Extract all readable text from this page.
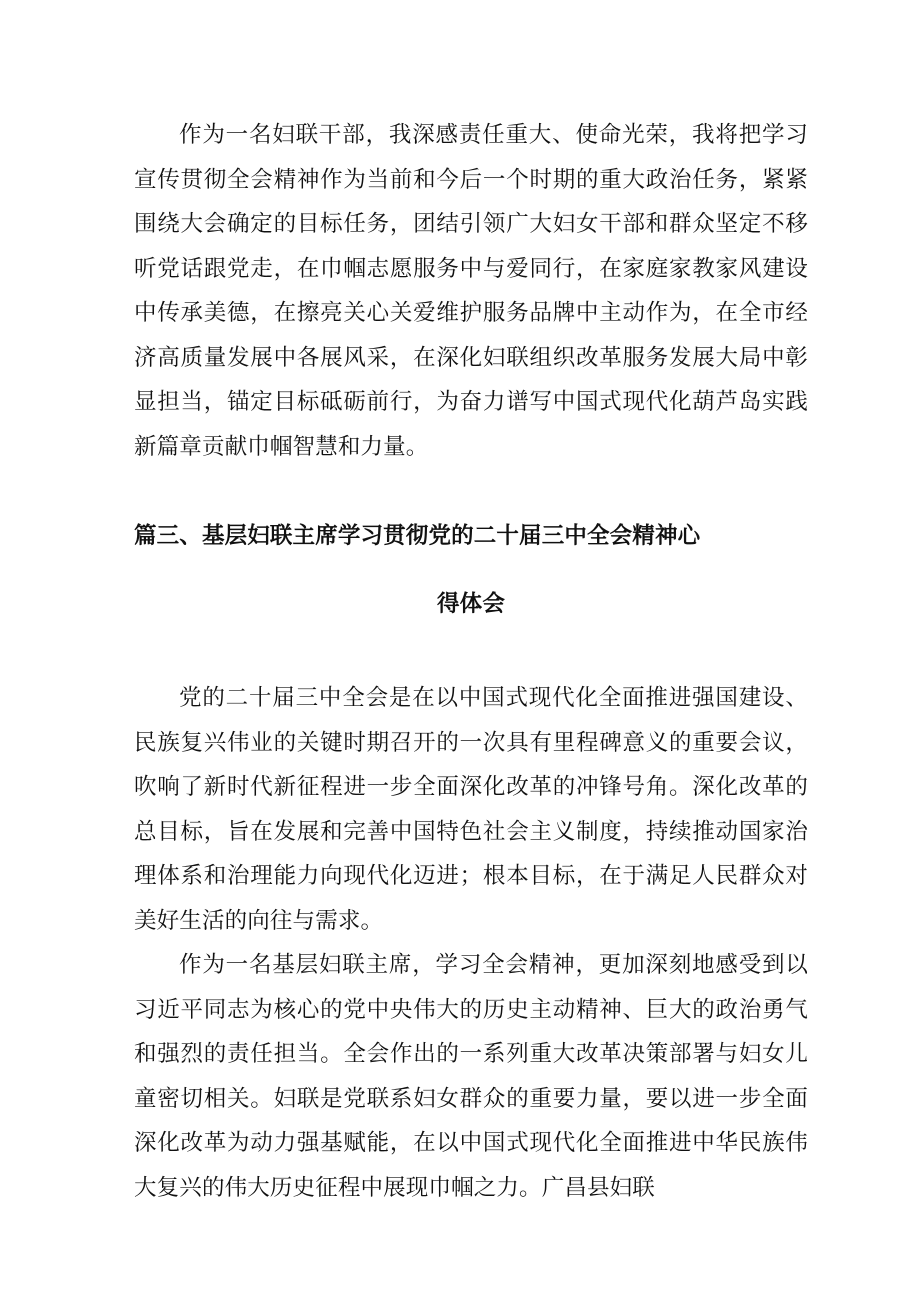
作为一名妇联干部，我深感责任重大、使命光荣，我将把学习宣传贯彻全会精神作为当前和今后一个时期的重大政治任务，紧紧围绕大会确定的目标任务，团结引领广大妇女干部和群众坚定不移听党话跟党走，在巾帼志愿服务中与爱同行，在家庭家教家风建设中传承美德，在擦亮关心关爱维护服务品牌中主动作为，在全市经济高质量发展中各展风采，在深化妇联组织改革服务发展大局中彰显担当，锚定目标砥砺前行，为奋力谱写中国式现代化葫芦岛实践新篇章贡献巾帼智慧和力量。

篇三、基层妇联主席学习贯彻党的二十届三中全会精神心
得体会

党的二十届三中全会是在以中国式现代化全面推进强国建设、民族复兴伟业的关键时期召开的一次具有里程碑意义的重要会议，吹响了新时代新征程进一步全面深化改革的冲锋号角。深化改革的总目标，旨在发展和完善中国特色社会主义制度，持续推动国家治理体系和治理能力向现代化迈进；根本目标，在于满足人民群众对美好生活的向往与需求。

作为一名基层妇联主席，学习全会精神，更加深刻地感受到以习近平同志为核心的党中央伟大的历史主动精神、巨大的政治勇气和强烈的责任担当。全会作出的一系列重大改革决策部署与妇女儿童密切相关。妇联是党联系妇女群众的重要力量，要以进一步全面深化改革为动力强基赋能，在以中国式现代化全面推进中华民族伟大复兴的伟大历史征程中展现巾帼之力。广昌县妇联
